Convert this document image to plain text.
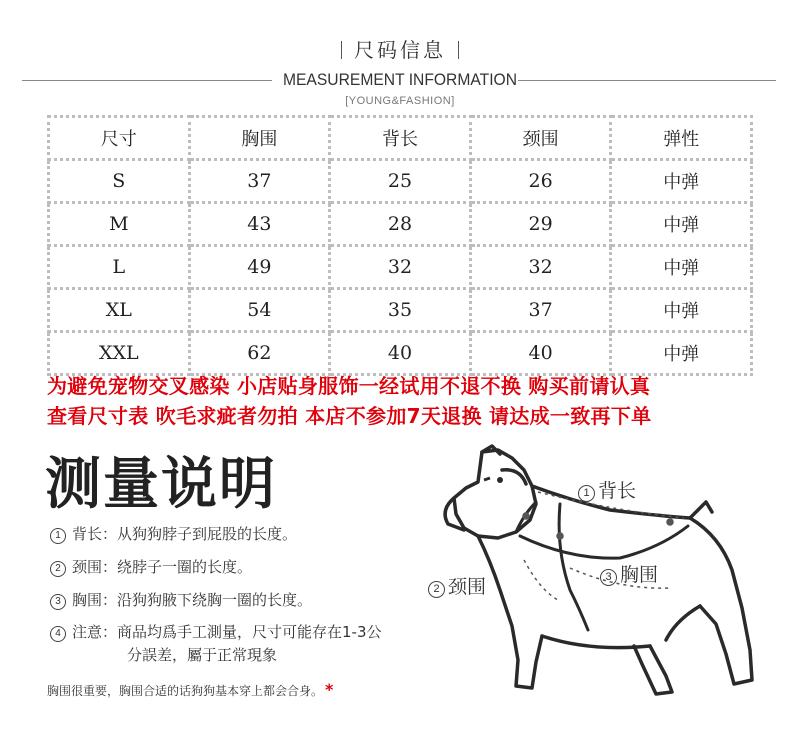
尺码信息
MEASUREMENT INFORMATION
[YOUNG&FASHION]
尺寸	胸围	背长	颈围	弹性
S	37	25	26	中弹
M	43	28	29	中弹
L	49	32	32	中弹
XL	54	35	37	中弹
XXL	62	40	40	中弹
为避免宠物交叉感染 小店贴身服饰一经试用不退不换 购买前请认真
查看尺寸表 吹毛求疵者勿拍 本店不参加7天退换 请达成一致再下单
测量说明
1 背长：从狗狗脖子到屁股的长度。
2 颈围：绕脖子一圈的长度。
3 胸围：沿狗狗腋下绕胸一圈的长度。
4 注意：商品均爲手工測量，尺寸可能存在1-3公
分誤差，屬于正常現象
胸围很重要，胸围合适的话狗狗基本穿上都会合身。 *
1 背长
2 颈围	3 胸围
